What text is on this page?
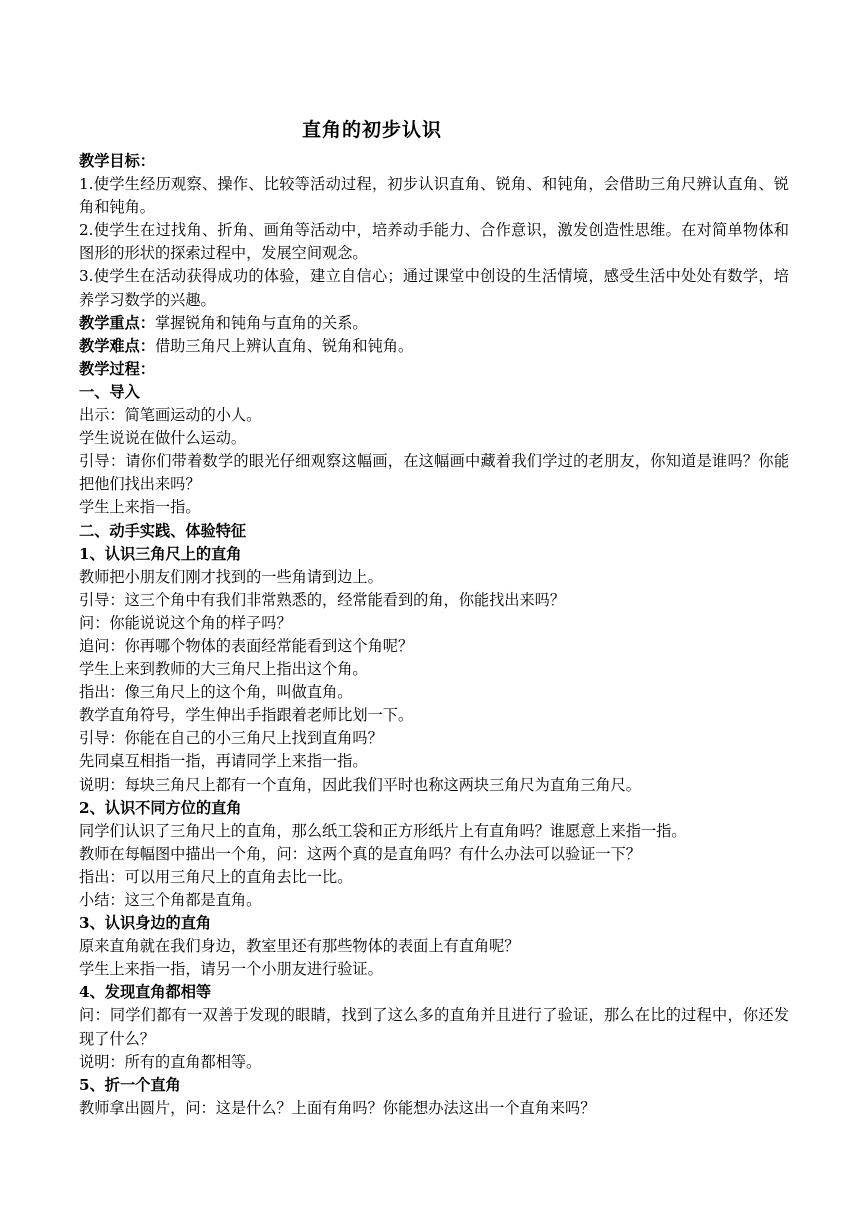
直角的初步认识

教学目标：

1.使学生经历观察、操作、比较等活动过程，初步认识直角、锐角、和钝角，会借助三角尺辨认直角、锐角和钝角。

2.使学生在过找角、折角、画角等活动中，培养动手能力、合作意识，激发创造性思维。在对简单物体和图形的形状的探索过程中，发展空间观念。

3.使学生在活动获得成功的体验，建立自信心；通过课堂中创设的生活情境，感受生活中处处有数学，培养学习数学的兴趣。

教学重点：掌握锐角和钝角与直角的关系。

教学难点：借助三角尺上辨认直角、锐角和钝角。

教学过程：

一、导入

出示：简笔画运动的小人。

学生说说在做什么运动。

引导：请你们带着数学的眼光仔细观察这幅画，在这幅画中藏着我们学过的老朋友，你知道是谁吗？你能把他们找出来吗？

学生上来指一指。

二、动手实践、体验特征

1、认识三角尺上的直角

教师把小朋友们刚才找到的一些角请到边上。

引导：这三个角中有我们非常熟悉的，经常能看到的角，你能找出来吗？

问：你能说说这个角的样子吗？

追问：你再哪个物体的表面经常能看到这个角呢？

学生上来到教师的大三角尺上指出这个角。

指出：像三角尺上的这个角，叫做直角。

教学直角符号，学生伸出手指跟着老师比划一下。

引导：你能在自己的小三角尺上找到直角吗？

先同桌互相指一指，再请同学上来指一指。

说明：每块三角尺上都有一个直角，因此我们平时也称这两块三角尺为直角三角尺。

2、认识不同方位的直角

同学们认识了三角尺上的直角，那么纸工袋和正方形纸片上有直角吗？谁愿意上来指一指。

教师在每幅图中描出一个角，问：这两个真的是直角吗？有什么办法可以验证一下？

指出：可以用三角尺上的直角去比一比。

小结：这三个角都是直角。

3、认识身边的直角

原来直角就在我们身边，教室里还有那些物体的表面上有直角呢？

学生上来指一指，请另一个小朋友进行验证。

4、发现直角都相等

问：同学们都有一双善于发现的眼睛，找到了这么多的直角并且进行了验证，那么在比的过程中，你还发现了什么？

说明：所有的直角都相等。

5、折一个直角

教师拿出圆片，问：这是什么？上面有角吗？你能想办法这出一个直角来吗？
